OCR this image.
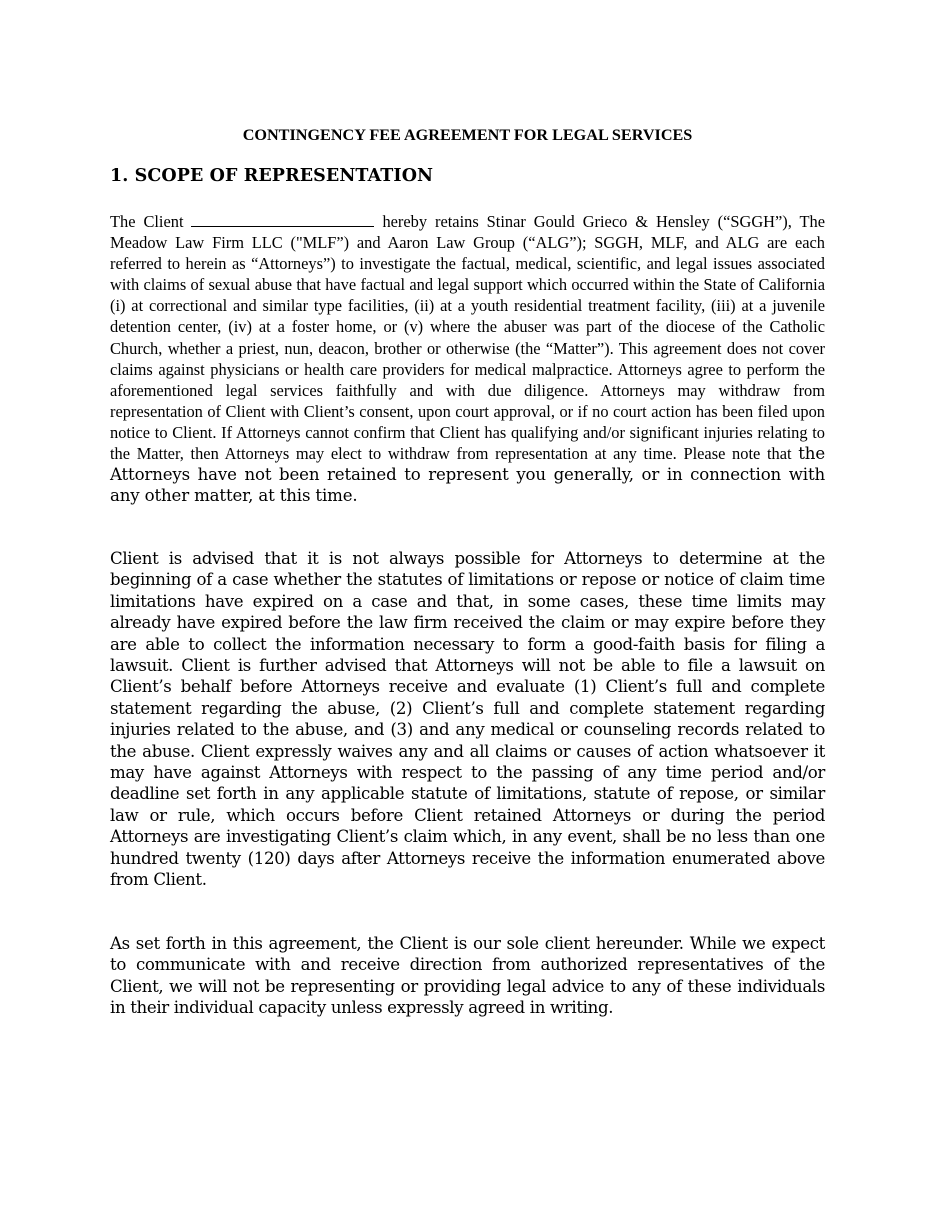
CONTINGENCY FEE AGREEMENT FOR LEGAL SERVICES
1. SCOPE OF REPRESENTATION

The Client	hereby retains Stinar Gould Grieco & Hensley (“SGGH”), The Meadow Law Firm LLC ("MLF”) and Aaron Law Group (“ALG”); SGGH, MLF, and ALG are each referred to herein as “Attorneys”) to investigate the factual, medical, scientific, and legal issues associated with claims of sexual abuse that have factual and legal support which occurred within the State of California (i) at correctional and similar type facilities, (ii) at a youth residential treatment facility, (iii) at a juvenile detention center, (iv) at a foster home, or (v) where the abuser was part of the diocese of the Catholic Church, whether a priest, nun, deacon, brother or otherwise (the “Matter”). This agreement does not cover claims against physicians or health care providers for medical malpractice. Attorneys agree to perform the aforementioned legal services faithfully and with due diligence. Attorneys may withdraw from representation of Client with Client’s consent, upon court approval, or if no court action has been filed upon notice to Client. If Attorneys cannot confirm that Client has qualifying and/or significant injuries relating to the Matter, then Attorneys may elect to withdraw from representation at any time. Please note that the Attorneys have not been retained to represent you generally, or in connection with any other matter, at this time.

Client is advised that it is not always possible for Attorneys to determine at the beginning of a case whether the statutes of limitations or repose or notice of claim time limitations have expired on a case and that, in some cases, these time limits may already have expired before the law firm received the claim or may expire before they are able to collect the information necessary to form a good-faith basis for filing a lawsuit. Client is further advised that Attorneys will not be able to file a lawsuit on Client’s behalf before Attorneys receive and evaluate (1) Client’s full and complete statement regarding the abuse, (2) Client’s full and complete statement regarding injuries related to the abuse, and (3) and any medical or counseling records related to the abuse. Client expressly waives any and all claims or causes of action whatsoever it may have against Attorneys with respect to the passing of any time period and/or deadline set forth in any applicable statute of limitations, statute of repose, or similar law or rule, which occurs before Client retained Attorneys or during the period Attorneys are investigating Client’s claim which, in any event, shall be no less than one hundred twenty (120) days after Attorneys receive the information enumerated above from Client.

As set forth in this agreement, the Client is our sole client hereunder. While we expect to communicate with and receive direction from authorized representatives of the Client, we will not be representing or providing legal advice to any of these individuals in their individual capacity unless expressly agreed in writing.
